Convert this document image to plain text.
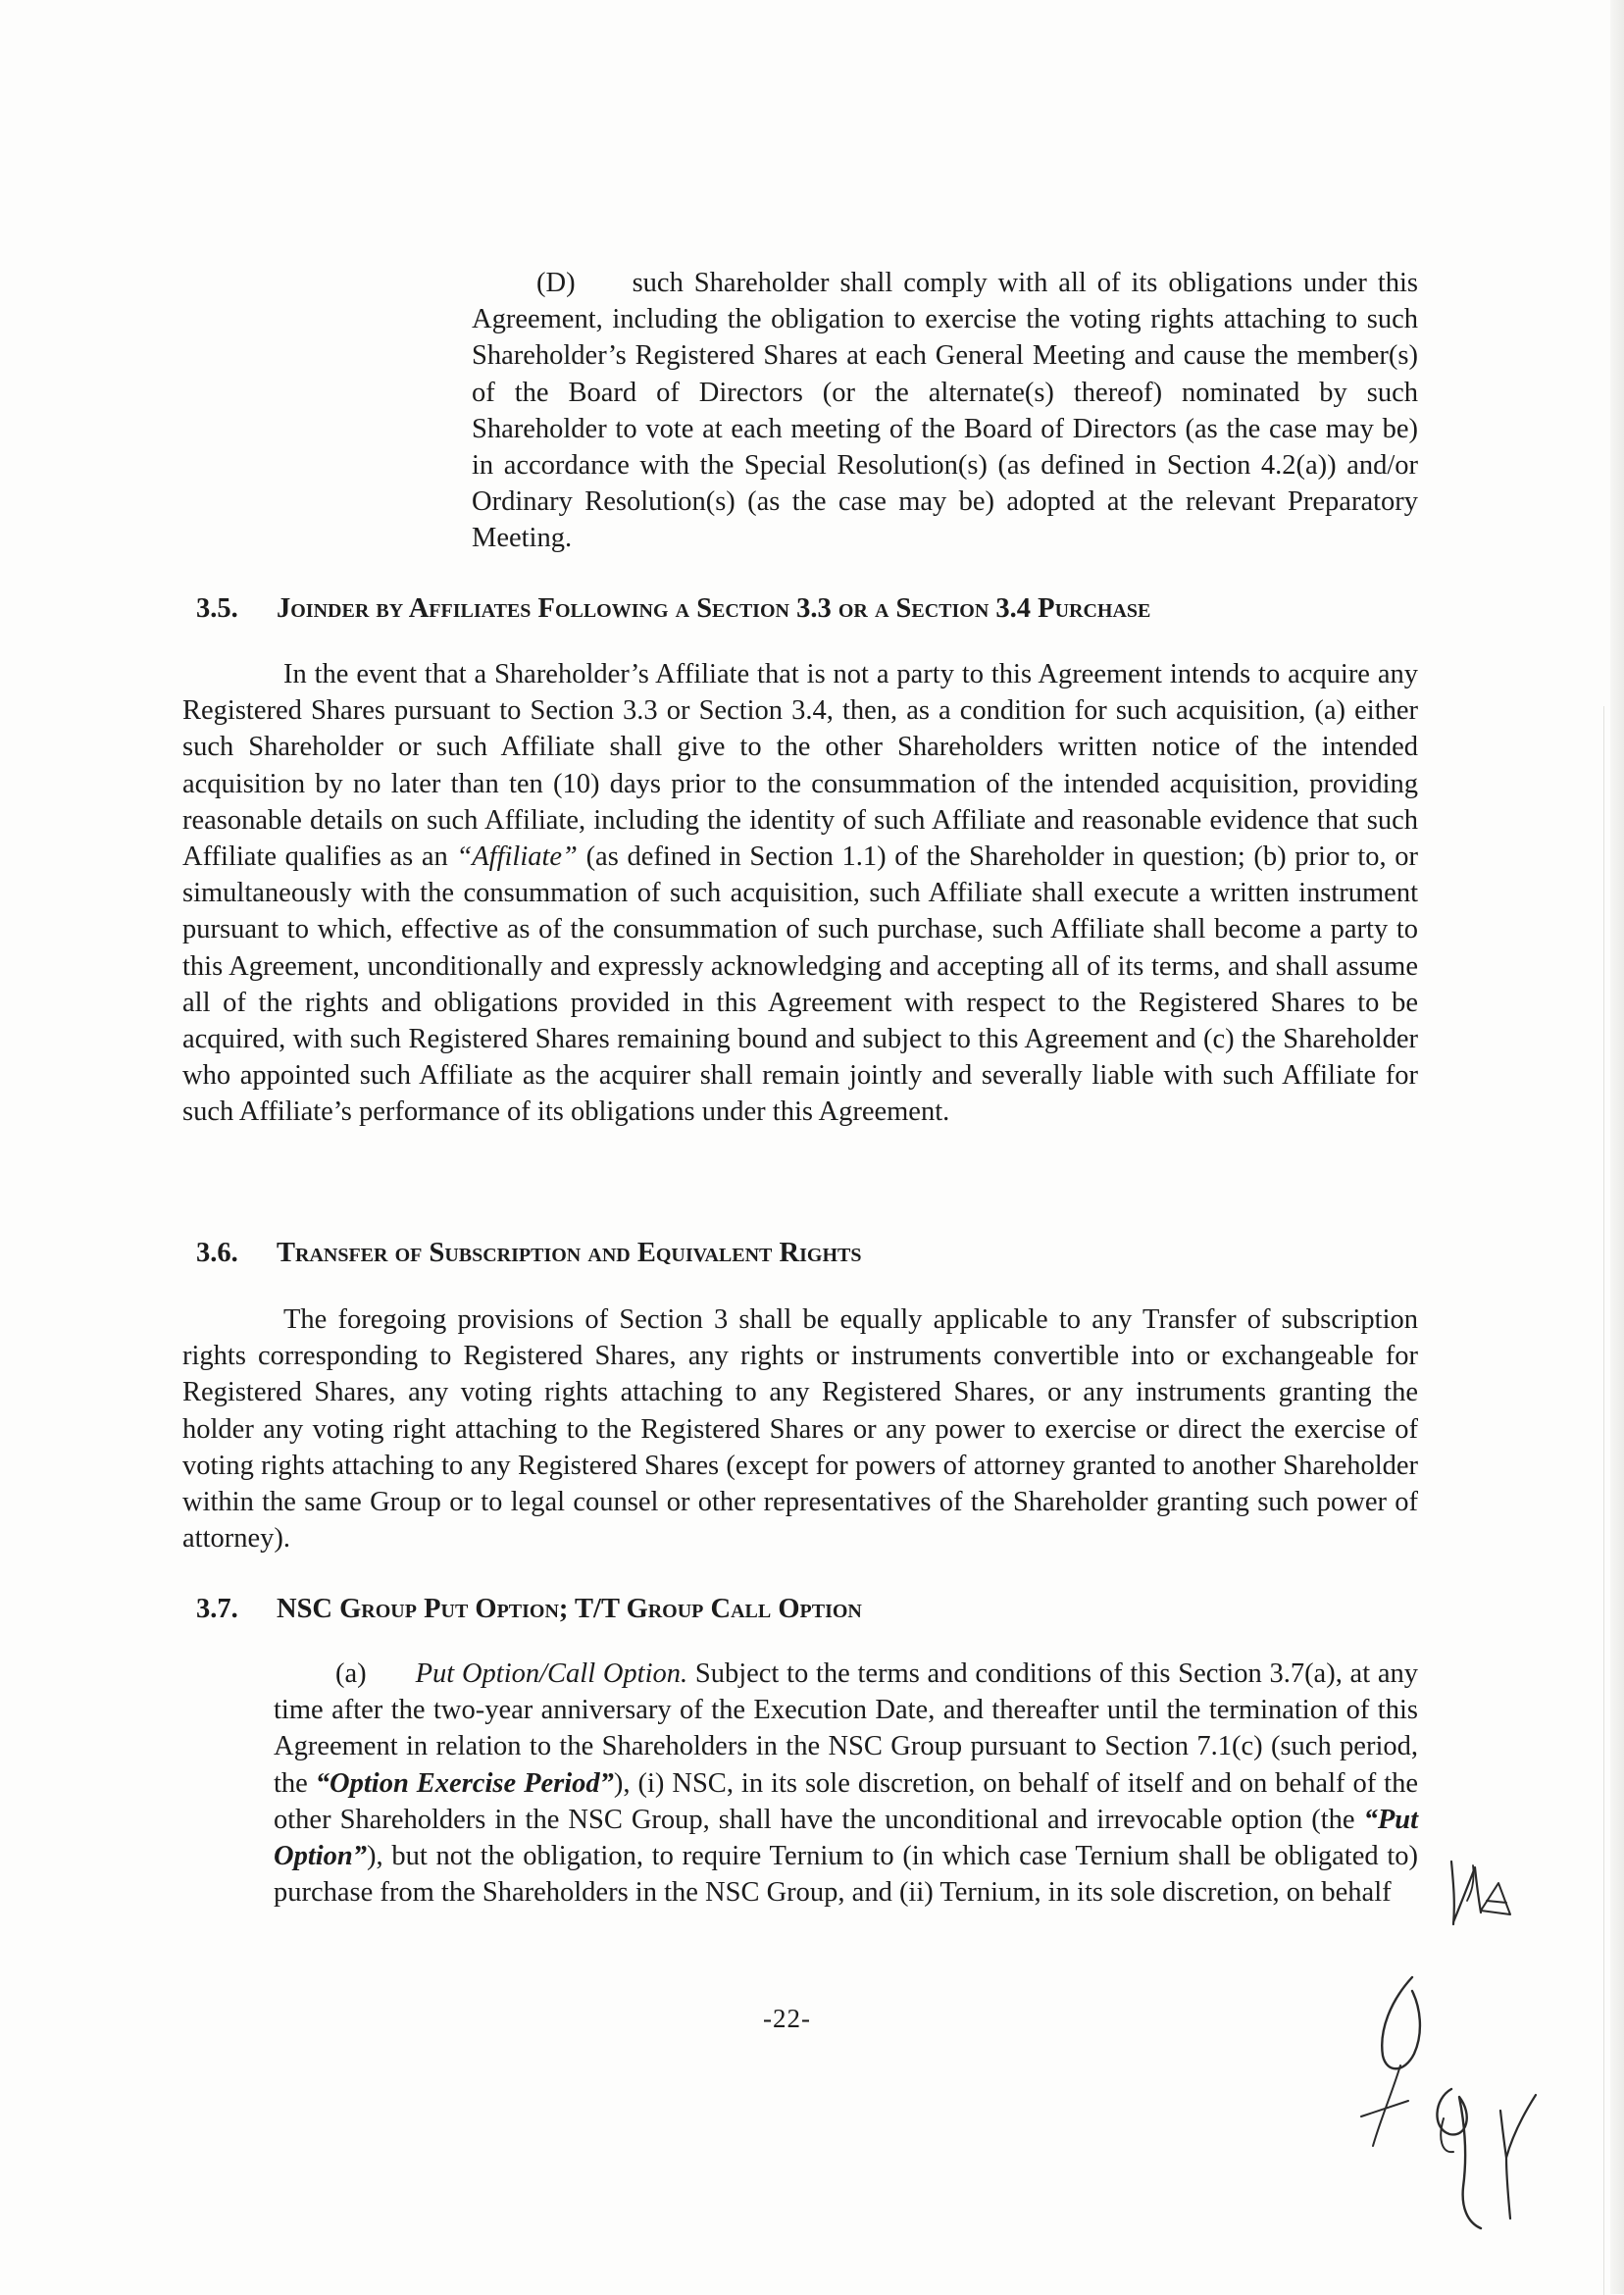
(D) such Shareholder shall comply with all of its obligations under this Agreement, including the obligation to exercise the voting rights attaching to such Shareholder’s Registered Shares at each General Meeting and cause the member(s) of the Board of Directors (or the alternate(s) thereof) nominated by such Shareholder to vote at each meeting of the Board of Directors (as the case may be) in accordance with the Special Resolution(s) (as defined in Section 4.2(a)) and/or Ordinary Resolution(s) (as the case may be) adopted at the relevant Preparatory Meeting.

3.5. Joinder by Affiliates Following a Section 3.3 or a Section 3.4 Purchase

In the event that a Shareholder’s Affiliate that is not a party to this Agreement intends to acquire any Registered Shares pursuant to Section 3.3 or Section 3.4, then, as a condition for such acquisition, (a) either such Shareholder or such Affiliate shall give to the other Shareholders written notice of the intended acquisition by no later than ten (10) days prior to the consummation of the intended acquisition, providing reasonable details on such Affiliate, including the identity of such Affiliate and reasonable evidence that such Affiliate qualifies as an “Affiliate” (as defined in Section 1.1) of the Shareholder in question; (b) prior to, or simultaneously with the consummation of such acquisition, such Affiliate shall execute a written instrument pursuant to which, effective as of the consummation of such purchase, such Affiliate shall become a party to this Agreement, unconditionally and expressly acknowledging and accepting all of its terms, and shall assume all of the rights and obligations provided in this Agreement with respect to the Registered Shares to be acquired, with such Registered Shares remaining bound and subject to this Agreement and (c) the Shareholder who appointed such Affiliate as the acquirer shall remain jointly and severally liable with such Affiliate for such Affiliate’s performance of its obligations under this Agreement.

3.6. Transfer of Subscription and Equivalent Rights

The foregoing provisions of Section 3 shall be equally applicable to any Transfer of subscription rights corresponding to Registered Shares, any rights or instruments convertible into or exchangeable for Registered Shares, any voting rights attaching to any Registered Shares, or any instruments granting the holder any voting right attaching to the Registered Shares or any power to exercise or direct the exercise of voting rights attaching to any Registered Shares (except for powers of attorney granted to another Shareholder within the same Group or to legal counsel or other representatives of the Shareholder granting such power of attorney).

3.7. NSC Group Put Option; T/T Group Call Option

(a) Put Option/Call Option. Subject to the terms and conditions of this Section 3.7(a), at any time after the two-year anniversary of the Execution Date, and thereafter until the termination of this Agreement in relation to the Shareholders in the NSC Group pursuant to Section 7.1(c) (such period, the “Option Exercise Period”), (i) NSC, in its sole discretion, on behalf of itself and on behalf of the other Shareholders in the NSC Group, shall have the unconditional and irrevocable option (the “Put Option”), but not the obligation, to require Ternium to (in which case Ternium shall be obligated to) purchase from the Shareholders in the NSC Group, and (ii) Ternium, in its sole discretion, on behalf

-22-
